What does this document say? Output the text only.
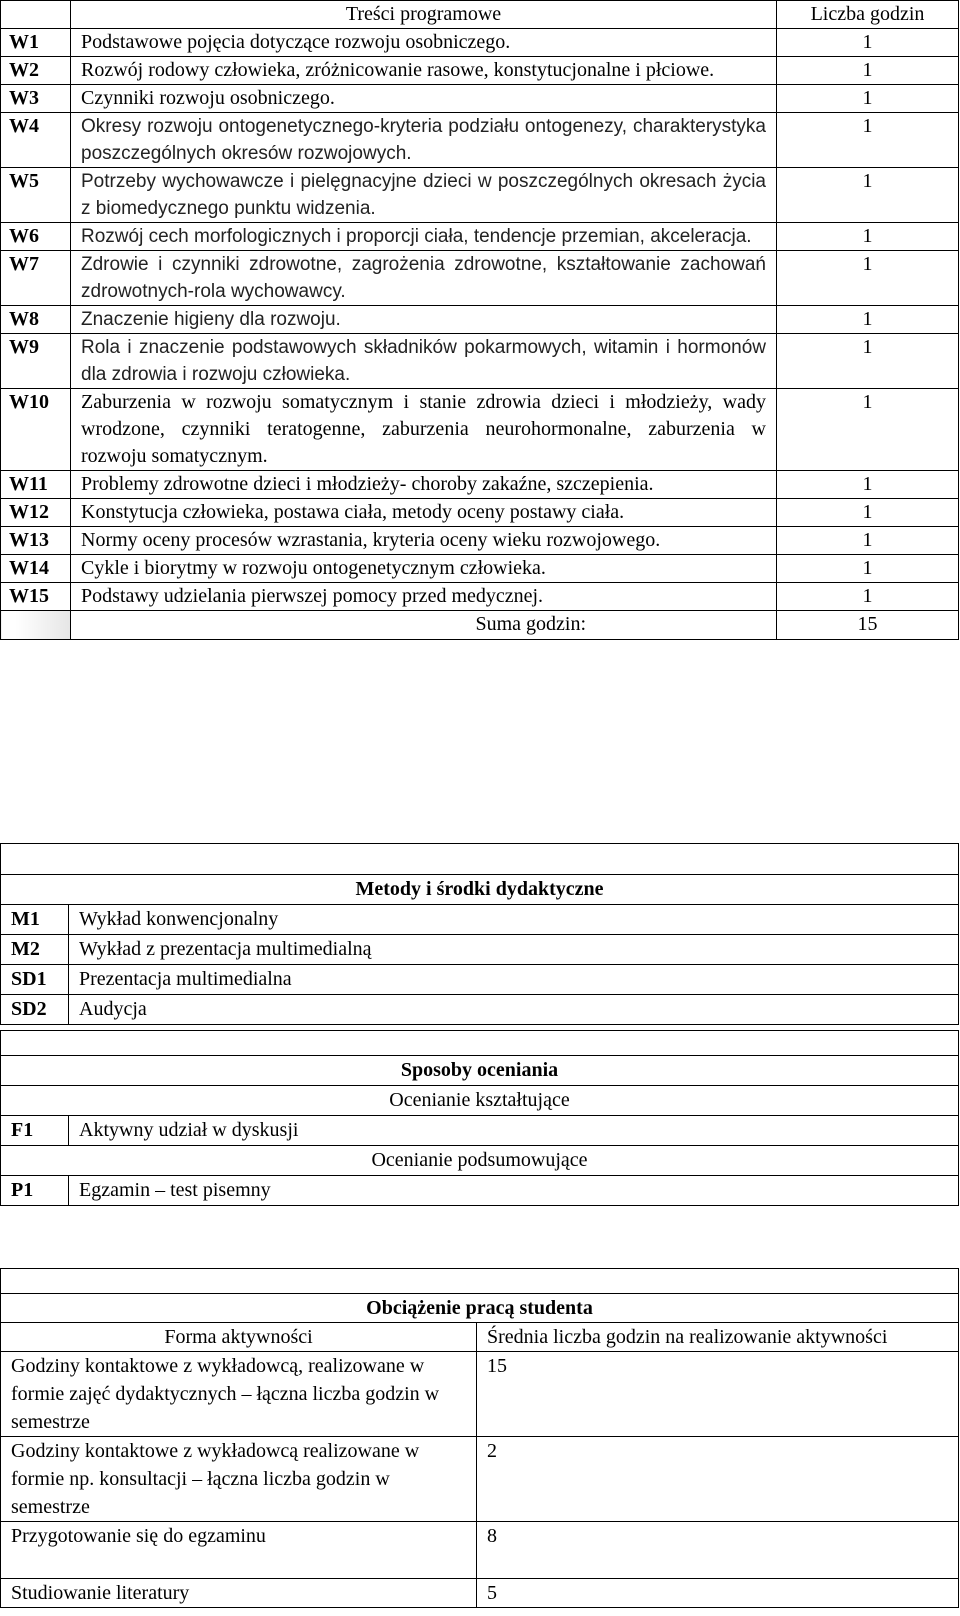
	Treści programowe	Liczba godzin
W1	Podstawowe pojęcia dotyczące rozwoju osobniczego.	1
W2	Rozwój rodowy człowieka, zróżnicowanie rasowe, konstytucjonalne i płciowe.	1
W3	Czynniki rozwoju osobniczego.	1
W4	Okresy rozwoju ontogenetycznego-kryteria podziału ontogenezy, charakterystyka poszczególnych okresów rozwojowych.	1
W5	Potrzeby wychowawcze i pielęgnacyjne dzieci w poszczególnych okresach życia z biomedycznego punktu widzenia.	1
W6	Rozwój cech morfologicznych i proporcji ciała, tendencje przemian, akceleracja.	1
W7	Zdrowie i czynniki zdrowotne, zagrożenia zdrowotne, kształtowanie zachowań zdrowotnych-rola wychowawcy.	1
W8	Znaczenie higieny dla rozwoju.	1
W9	Rola i znaczenie podstawowych składników pokarmowych, witamin i hormonów dla zdrowia i rozwoju człowieka.	1
W10	Zaburzenia w rozwoju somatycznym i stanie zdrowia dzieci i młodzieży, wady wrodzone, czynniki teratogenne, zaburzenia neurohormonalne, zaburzenia w rozwoju somatycznym.	1
W11	Problemy zdrowotne dzieci i młodzieży- choroby zakaźne, szczepienia.	1
W12	Konstytucja człowieka, postawa ciała, metody oceny postawy ciała.	1
W13	Normy oceny procesów wzrastania, kryteria oceny wieku rozwojowego.	1
W14	Cykle i biorytmy w rozwoju ontogenetycznym człowieka.	1
W15	Podstawy udzielania pierwszej pomocy przed medycznej.	1
	Suma godzin:	15

Metody i środki dydaktyczne	
M1	Wykład konwencjonalny
M2	Wykład z prezentacja multimedialną
SD1	Prezentacja multimedialna
SD2	Audycja

Sposoby oceniania	
Ocenianie kształtujące	
F1	Aktywny udział w dyskusji
Ocenianie podsumowujące	
P1	Egzamin – test pisemny

Obciążenie pracą studenta	
Forma aktywności	Średnia liczba godzin na realizowanie aktywności
Godziny kontaktowe z wykładowcą, realizowane w formie zajęć dydaktycznych – łączna liczba godzin w semestrze	15
Godziny kontaktowe z wykładowcą realizowane w formie np. konsultacji – łączna liczba godzin w semestrze	2
Przygotowanie się do egzaminu	8
Studiowanie literatury	5
